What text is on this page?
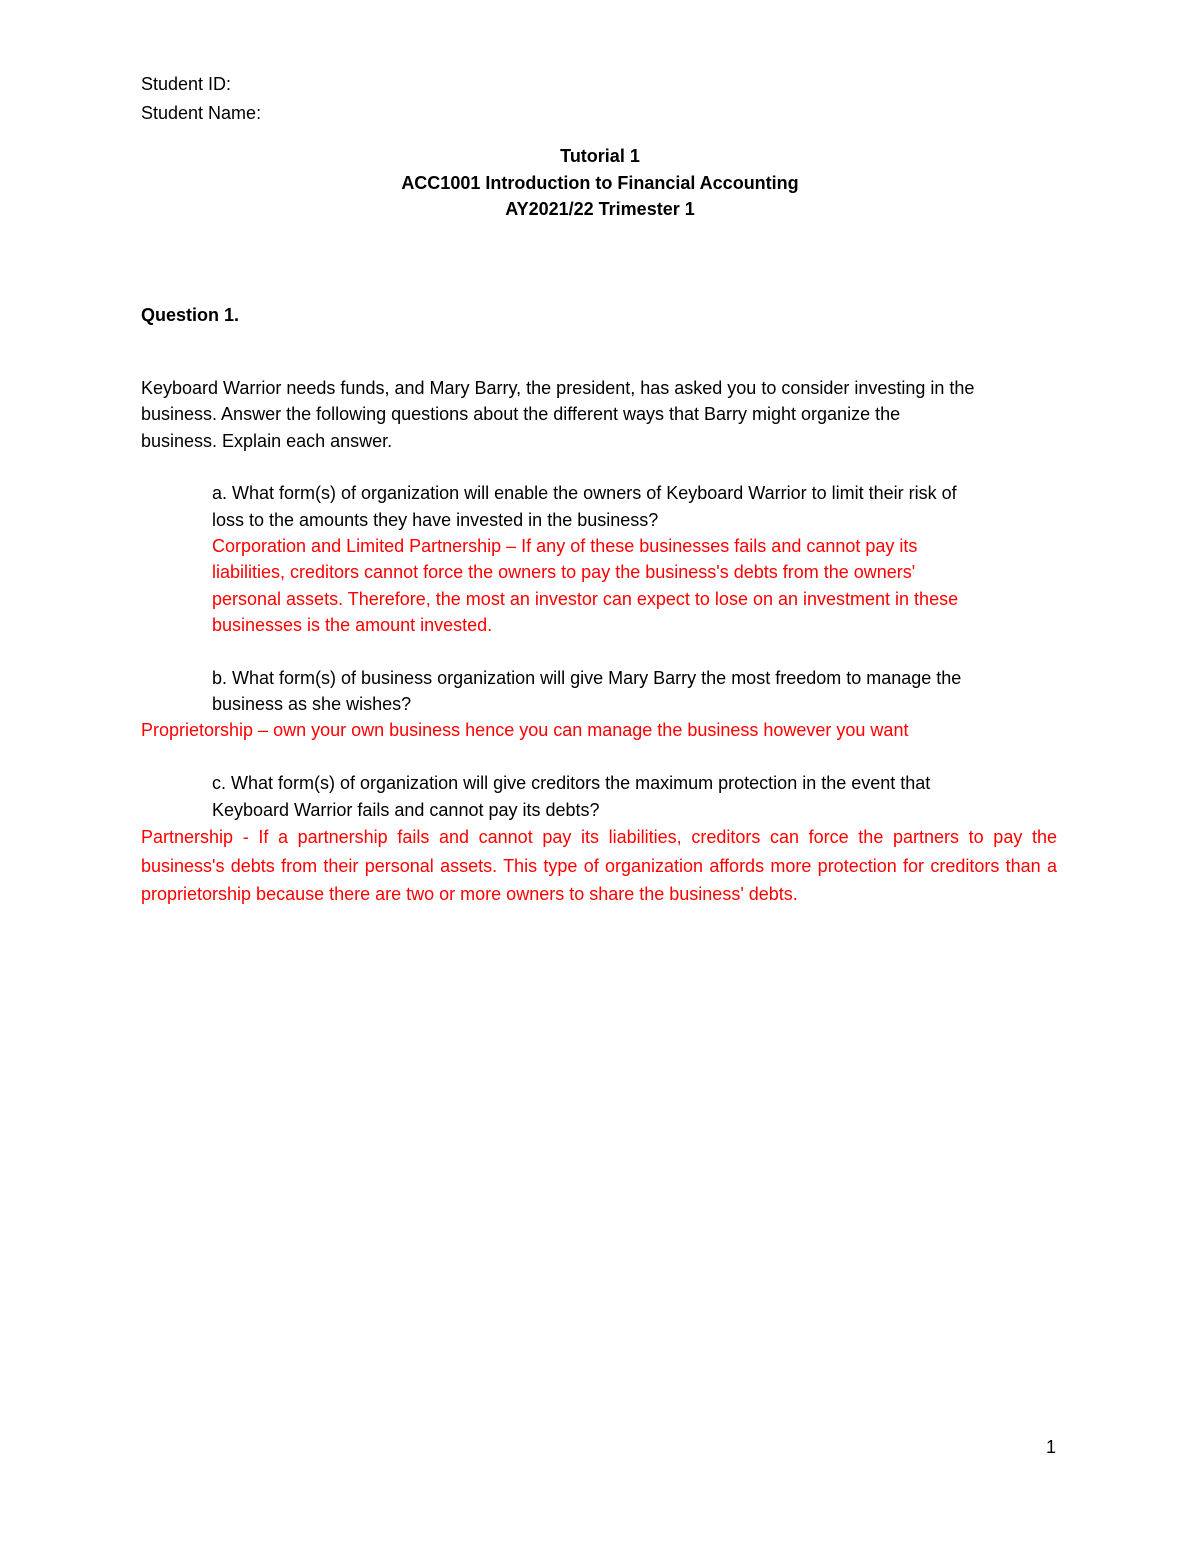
Student ID:
Student Name:
Tutorial 1
ACC1001 Introduction to Financial Accounting
AY2021/22 Trimester 1
Question 1.
Keyboard Warrior needs funds, and Mary Barry, the president, has asked you to consider investing in the
business. Answer the following questions about the different ways that Barry might organize the
business. Explain each answer.
a. What form(s) of organization will enable the owners of Keyboard Warrior to limit their risk of
loss to the amounts they have invested in the business?
Corporation and Limited Partnership – If any of these businesses fails and cannot pay its
liabilities, creditors cannot force the owners to pay the business's debts from the owners'
personal assets. Therefore, the most an investor can expect to lose on an investment in these
businesses is the amount invested.
b. What form(s) of business organization will give Mary Barry the most freedom to manage the
business as she wishes?
Proprietorship – own your own business hence you can manage the business however you want
c. What form(s) of organization will give creditors the maximum protection in the event that
Keyboard Warrior fails and cannot pay its debts?
Partnership - If a partnership fails and cannot pay its liabilities, creditors can force the partners to pay the business's debts from their personal assets. This type of organization affords more protection for creditors than a proprietorship because there are two or more owners to share the business' debts.
1
